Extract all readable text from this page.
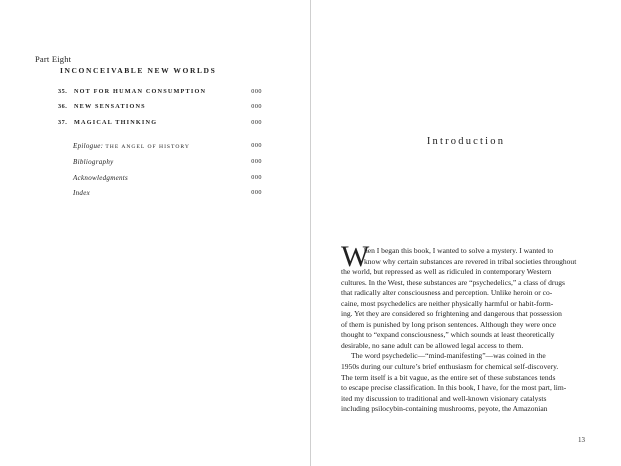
Part Eight
INCONCEIVABLE NEW WORLDS
35. NOT FOR HUMAN CONSUMPTION	000
36. NEW SENSATIONS	000
37. MAGICAL THINKING	000
Epilogue: THE ANGEL OF HISTORY	000
Bibliography	000
Acknowledgments	000
Index	000
Introduction
W
hen I began this book, I wanted to solve a mystery. I wanted to
know why certain substances are revered in tribal societies throughout
the world, but repressed as well as ridiculed in contemporary Western
cultures. In the West, these substances are “psychedelics,” a class of drugs
that radically alter consciousness and perception. Unlike heroin or co-
caine, most psychedelics are neither physically harmful or habit-form-
ing. Yet they are considered so frightening and dangerous that possession
of them is punished by long prison sentences. Although they were once
thought to “expand consciousness,” which sounds at least theoretically
desirable, no sane adult can be allowed legal access to them.
The word psychedelic—“mind-manifesting”—was coined in the
1950s during our culture’s brief enthusiasm for chemical self-discovery.
The term itself is a bit vague, as the entire set of these substances tends
to escape precise classification. In this book, I have, for the most part, lim-
ited my discussion to traditional and well-known visionary catalysts
including psilocybin-containing mushrooms, peyote, the Amazonian
13
